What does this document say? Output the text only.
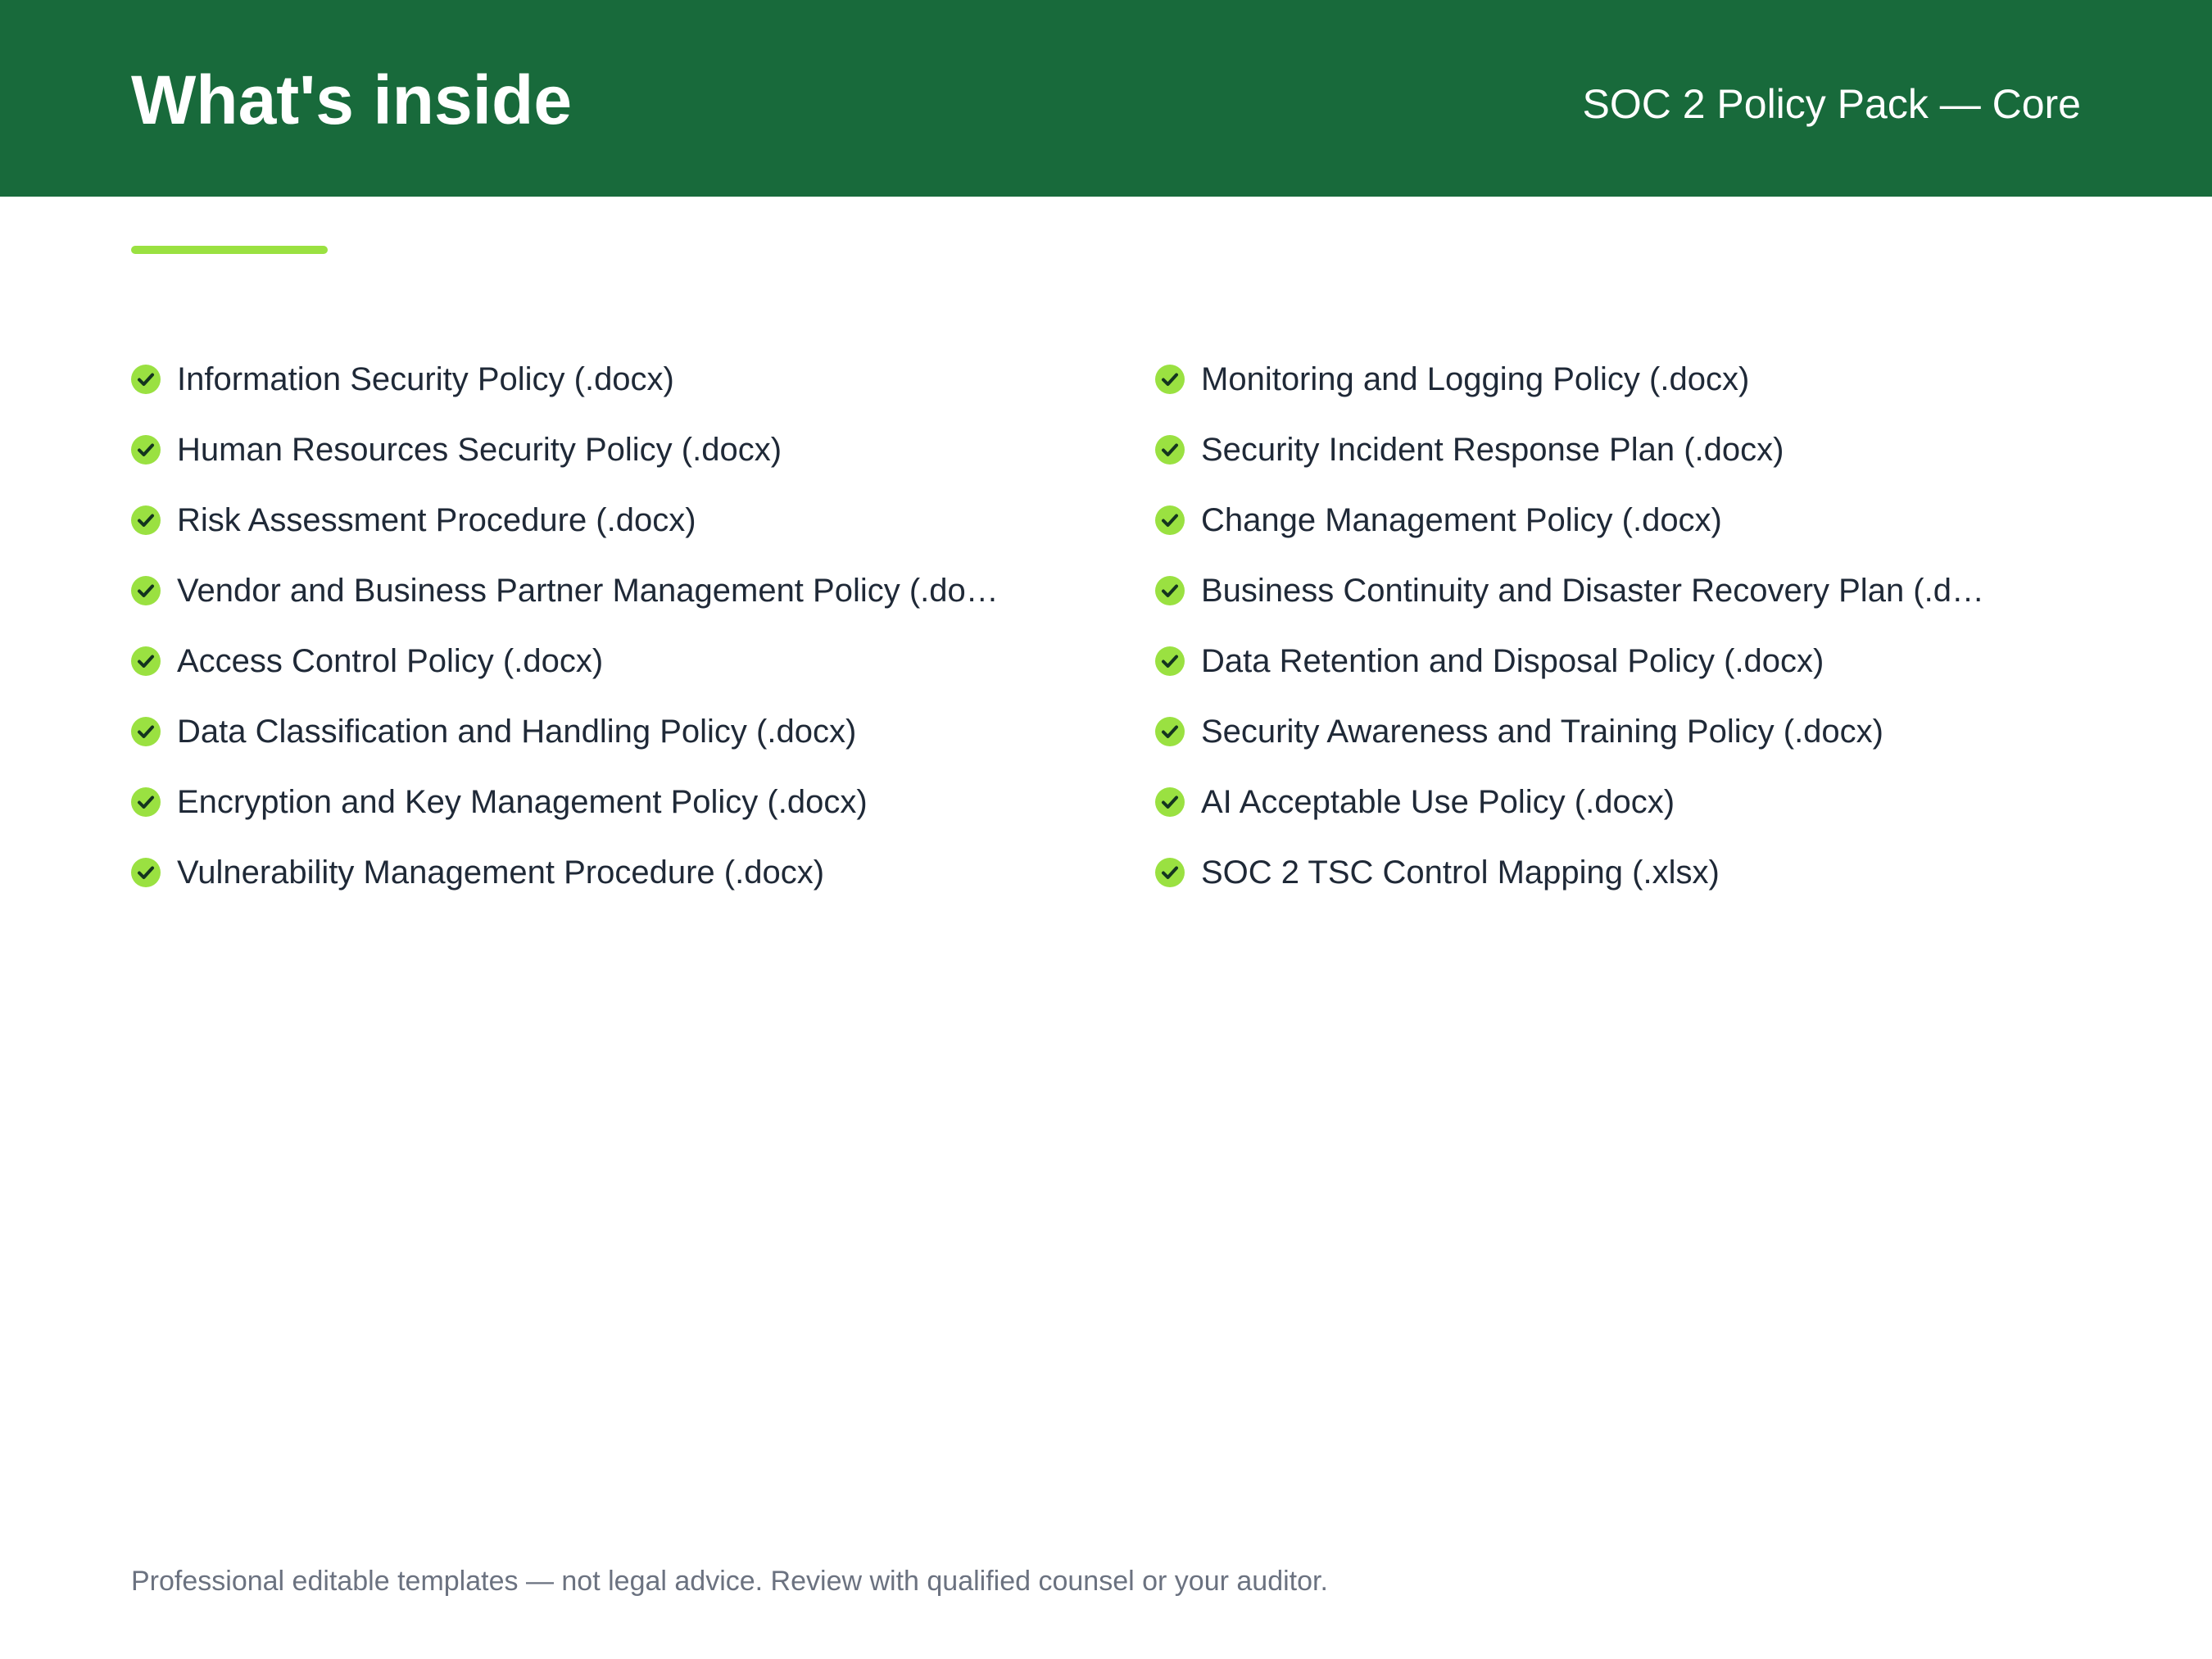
What's inside	SOC 2 Policy Pack — Core
Information Security Policy (.docx)
Human Resources Security Policy (.docx)
Risk Assessment Procedure (.docx)
Vendor and Business Partner Management Policy (.do…
Access Control Policy (.docx)
Data Classification and Handling Policy (.docx)
Encryption and Key Management Policy (.docx)
Vulnerability Management Procedure (.docx)
Monitoring and Logging Policy (.docx)
Security Incident Response Plan (.docx)
Change Management Policy (.docx)
Business Continuity and Disaster Recovery Plan (.d…
Data Retention and Disposal Policy (.docx)
Security Awareness and Training Policy (.docx)
AI Acceptable Use Policy (.docx)
SOC 2 TSC Control Mapping (.xlsx)
Professional editable templates — not legal advice. Review with qualified counsel or your auditor.
